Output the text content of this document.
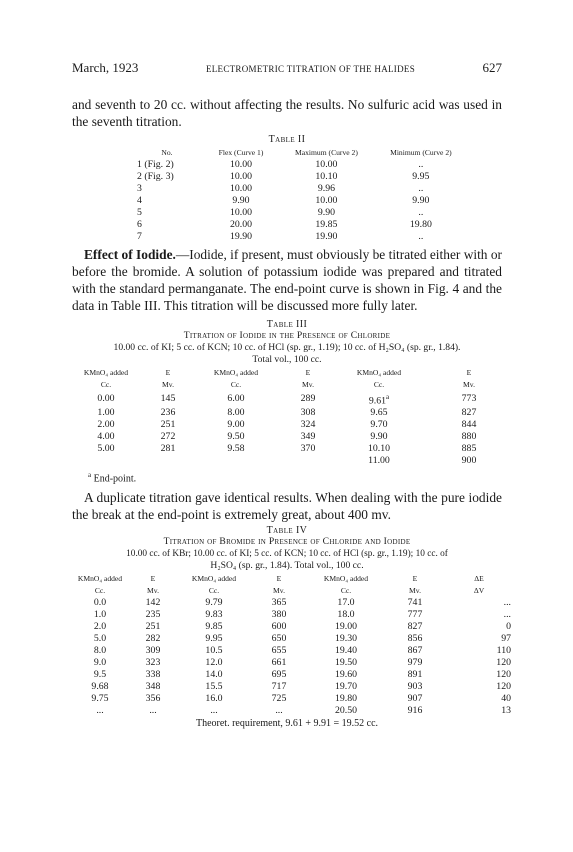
March, 1923	ELECTROMETRIC TITRATION OF THE HALIDES	627

and seventh to 20 cc. without affecting the results. No sulfuric acid was used in the seventh titration.

Table II
No.	Flex (Curve 1)	Maximum (Curve 2)	Minimum (Curve 2)
1 (Fig. 2)	10.00	10.00	..
2 (Fig. 3)	10.00	10.10	9.95
3	10.00	9.96	..
4	9.90	10.00	9.90
5	10.00	9.90	..
6	20.00	19.85	19.80
7	19.90	19.90	..

Effect of Iodide.—Iodide, if present, must obviously be titrated either with or before the bromide. A solution of potassium iodide was prepared and titrated with the standard permanganate. The end-point curve is shown in Fig. 4 and the data in Table III. This titration will be discussed more fully later.

Table III
Titration of Iodide in the Presence of Chloride
10.00 cc. of KI; 5 cc. of KCN; 10 cc. of HCl (sp. gr., 1.19); 10 cc. of H₂SO₄ (sp. gr., 1.84).
Total vol., 100 cc.
KMnO₄ added	E	KMnO₄ added	E	KMnO₄ added	E
Cc.	Mv.	Cc.	Mv.	Cc.	Mv.
0.00	145	6.00	289	9.61$^a$	773
1.00	236	8.00	308	9.65	827
2.00	251	9.00	324	9.70	844
4.00	272	9.50	349	9.90	880
5.00	281	9.58	370	10.10	885
				11.00	900
$^a$ End-point.

A duplicate titration gave identical results. When dealing with the pure iodide the break at the end-point is extremely great, about 400 mv.

Table IV
Titration of Bromide in Presence of Chloride and Iodide
10.00 cc. of KBr; 10.00 cc. of KI; 5 cc. of KCN; 10 cc. of HCl (sp. gr., 1.19); 10 cc. of
H₂SO₄ (sp. gr., 1.84). Total vol., 100 cc.
KMnO₄ added	E	KMnO₄ added	E	KMnO₄ added	E	ΔE
Cc.	Mv.	Cc.	Mv.	Cc.	Mv.	ΔV
0.0	142	9.79	365	17.0	741	...
1.0	235	9.83	380	18.0	777	...
2.0	251	9.85	600	19.00	827	0
5.0	282	9.95	650	19.30	856	97
8.0	309	10.5	655	19.40	867	110
9.0	323	12.0	661	19.50	979	120
9.5	338	14.0	695	19.60	891	120
9.68	348	15.5	717	19.70	903	120
9.75	356	16.0	725	19.80	907	40
...	...	...	...	20.50	916	13
Theoret. requirement, 9.61 + 9.91 = 19.52 cc.
